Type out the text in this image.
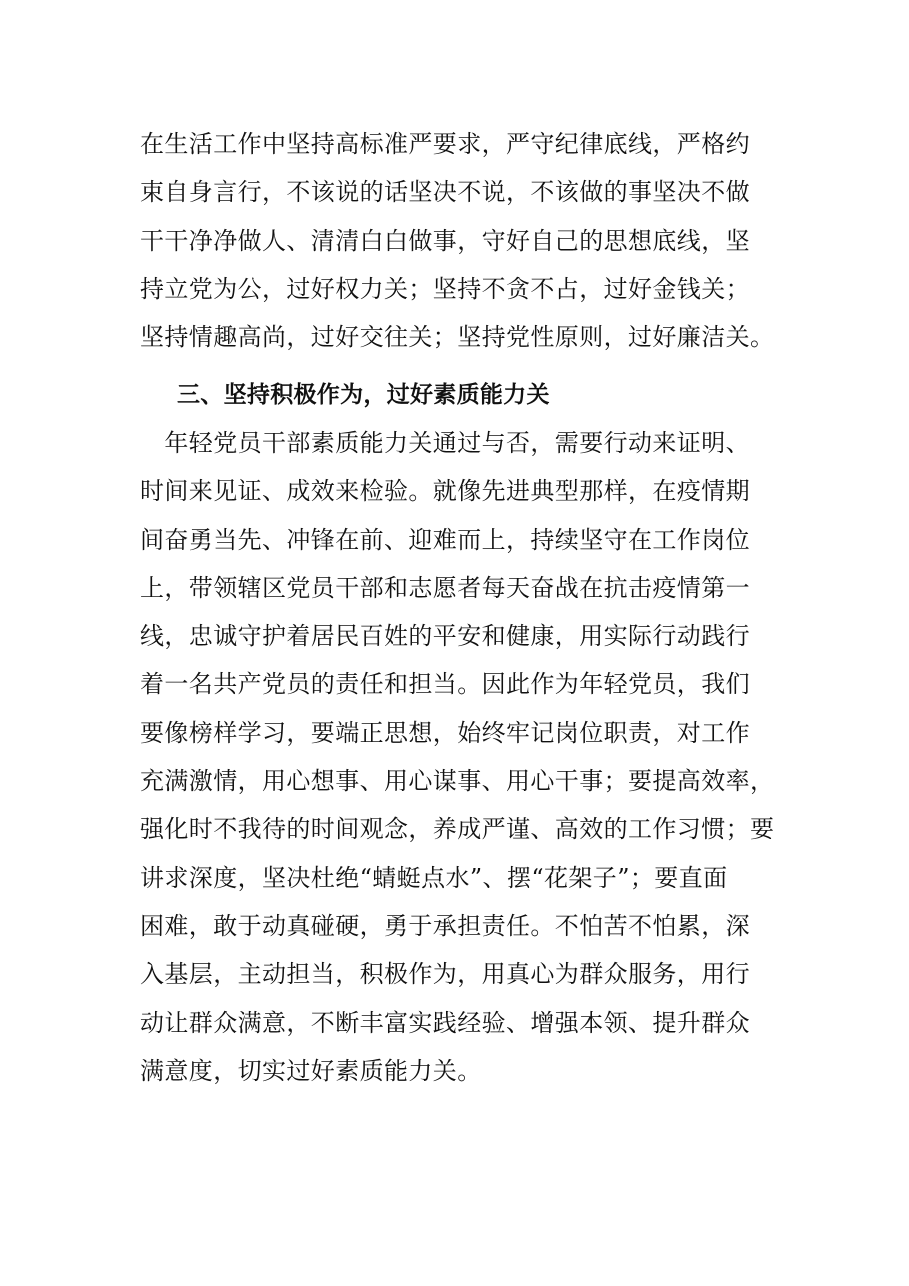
在生活工作中坚持高标准严要求，严守纪律底线，严格约
束自身言行，不该说的话坚决不说，不该做的事坚决不做
干干净净做人、清清白白做事，守好自己的思想底线，坚
持立党为公，过好权力关；坚持不贪不占，过好金钱关；
坚持情趣高尚，过好交往关；坚持党性原则，过好廉洁关。
三、坚持积极作为，过好素质能力关
　年轻党员干部素质能力关通过与否，需要行动来证明、
时间来见证、成效来检验。就像先进典型那样，在疫情期
间奋勇当先、冲锋在前、迎难而上，持续坚守在工作岗位
上，带领辖区党员干部和志愿者每天奋战在抗击疫情第一
线，忠诚守护着居民百姓的平安和健康，用实际行动践行
着一名共产党员的责任和担当。因此作为年轻党员，我们
要像榜样学习，要端正思想，始终牢记岗位职责，对工作
充满激情，用心想事、用心谋事、用心干事；要提高效率，
强化时不我待的时间观念，养成严谨、高效的工作习惯；要
讲求深度，坚决杜绝“蜻蜓点水”、摆“花架子”；要直面
困难，敢于动真碰硬，勇于承担责任。不怕苦不怕累，深
入基层，主动担当，积极作为，用真心为群众服务，用行
动让群众满意，不断丰富实践经验、增强本领、提升群众
满意度，切实过好素质能力关。
